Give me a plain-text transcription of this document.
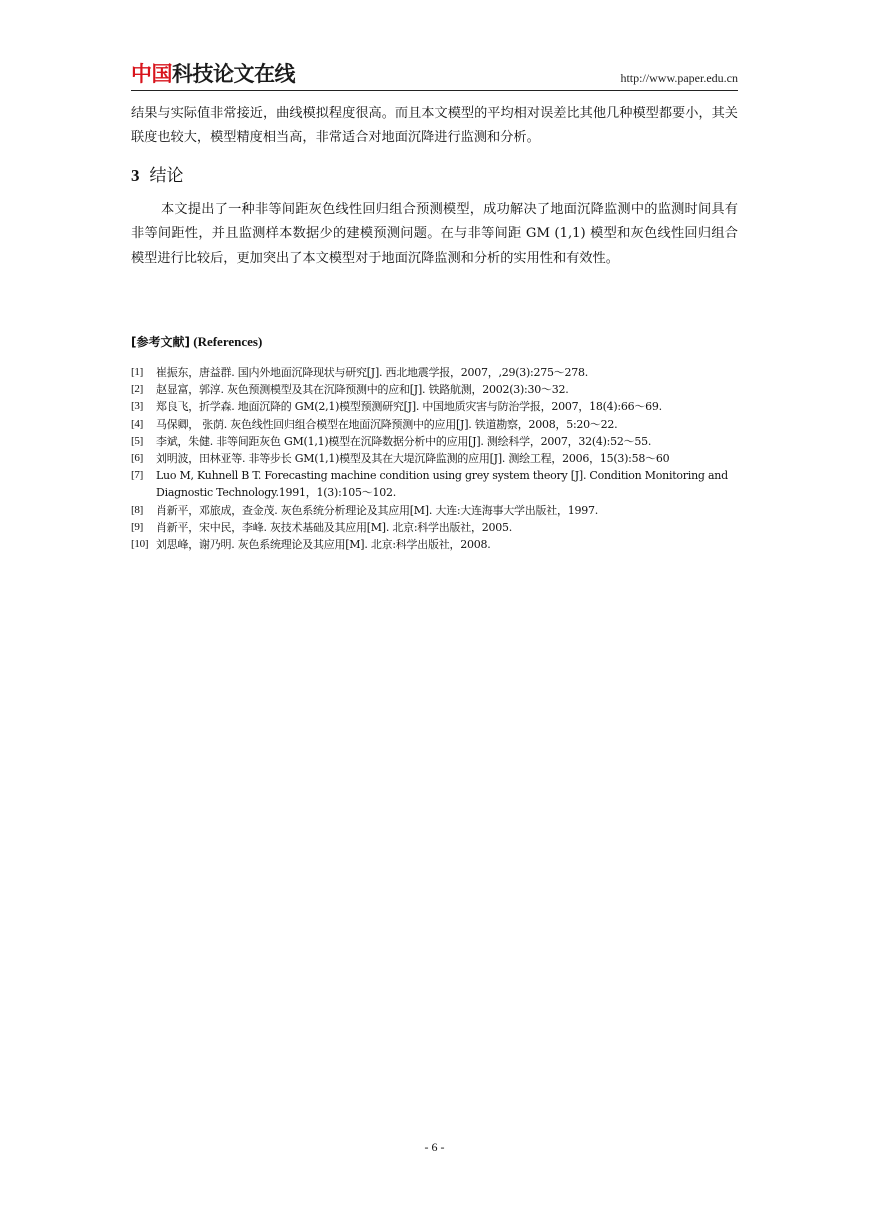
中国科技论文在线	http://www.paper.edu.cn

结果与实际值非常接近，曲线模拟程度很高。而且本文模型的平均相对误差比其他几种模型都要小，其关联度也较大，模型精度相当高，非常适合对地面沉降进行监测和分析。

3 结论

本文提出了一种非等间距灰色线性回归组合预测模型，成功解决了地面沉降监测中的监测时间具有非等间距性，并且监测样本数据少的建模预测问题。在与非等间距 GM (1,1) 模型和灰色线性回归组合模型进行比较后，更加突出了本文模型对于地面沉降监测和分析的实用性和有效性。

[参考文献] (References)
[1] 崔振东，唐益群. 国内外地面沉降现状与研究[J]. 西北地震学报，2007，,29(3):275～278.
[2] 赵显富，郭淳. 灰色预测模型及其在沉降预测中的应和[J]. 铁路航测，2002(3):30～32.
[3] 郑良飞，折学森. 地面沉降的 GM(2,1)模型预测研究[J]. 中国地质灾害与防治学报，2007，18(4):66～69.
[4] 马保卿， 张荫. 灰色线性回归组合模型在地面沉降预测中的应用[J]. 铁道勘察，2008，5:20～22.
[5] 李斌，朱健. 非等间距灰色 GM(1,1)模型在沉降数据分析中的应用[J]. 测绘科学，2007，32(4):52～55.
[6] 刘明波，田林亚等. 非等步长 GM(1,1)模型及其在大堤沉降监测的应用[J]. 测绘工程，2006，15(3):58～60
[7] Luo M, Kuhnell B T. Forecasting machine condition using grey system theory [J]. Condition Monitoring and Diagnostic Technology.1991，1(3):105～102.
[8] 肖新平，邓旅成，查金茂. 灰色系统分析理论及其应用[M]. 大连:大连海事大学出版社，1997.
[9] 肖新平，宋中民，李峰. 灰技术基础及其应用[M]. 北京:科学出版社，2005.
[10] 刘思峰，谢乃明. 灰色系统理论及其应用[M]. 北京:科学出版社，2008.
- 6 -
